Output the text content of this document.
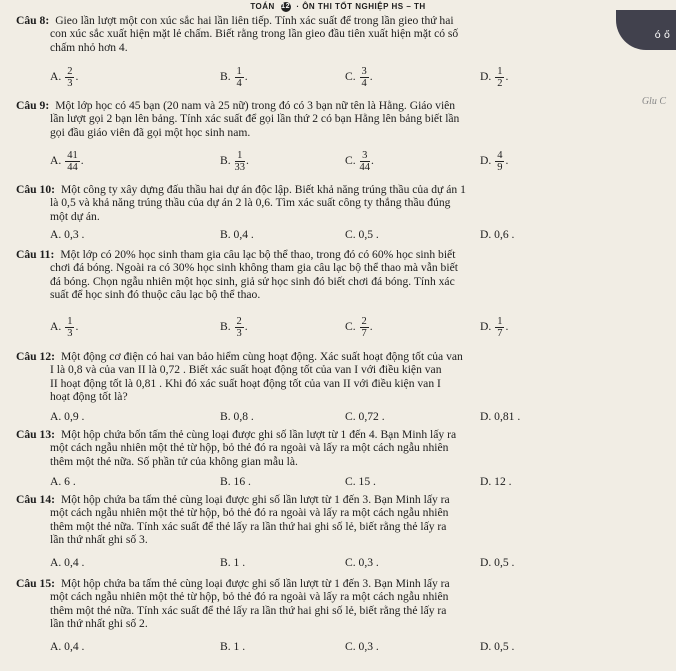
TOÁN 12 · ÔN THI TỐT NGHIỆP HS – TH
ó ő
Glu C
Câu 8: Gieo lần lượt một con xúc sắc hai lần liên tiếp. Tính xác suất để trong lần gieo thứ hai
con xúc sắc xuất hiện mặt lẻ chấm. Biết rằng trong lần gieo đầu tiên xuất hiện mặt có số
chấm nhỏ hơn 4.
A. $\frac{2}{3}$ .	B. $\frac{1}{4}$ .	C. $\frac{3}{4}$ .	D. $\frac{1}{2}$ .
Câu 9: Một lớp học có 45 bạn (20 nam và 25 nữ) trong đó có 3 bạn nữ tên là Hằng. Giáo viên
lần lượt gọi 2 bạn lên bảng. Tính xác suất để gọi lần thứ 2 có bạn Hằng lên bảng biết lần
gọi đầu giáo viên đã gọi một học sinh nam.
A. $\frac{41}{44}$ .	B. $\frac{1}{33}$ .	C. $\frac{3}{44}$ .	D. $\frac{4}{9}$ .
Câu 10: Một công ty xây dựng đấu thầu hai dự án độc lập. Biết khả năng trúng thầu của dự án 1
là 0,5 và khả năng trúng thầu của dự án 2 là 0,6. Tìm xác suất công ty thắng thầu đúng
một dự án.
A. 0,3 .	B. 0,4 .	C. 0,5 .	D. 0,6 .
Câu 11: Một lớp có 20% học sinh tham gia câu lạc bộ thể thao, trong đó có 60% học sinh biết
chơi đá bóng. Ngoài ra có 30% học sinh không tham gia câu lạc bộ thể thao mà vẫn biết
đá bóng. Chọn ngẫu nhiên một học sinh, giả sử học sinh đó biết chơi đá bóng. Tính xác
suất để học sinh đó thuộc câu lạc bộ thể thao.
A. $\frac{1}{3}$ .	B. $\frac{2}{3}$ .	C. $\frac{2}{7}$ .	D. $\frac{1}{7}$ .
Câu 12: Một động cơ điện có hai van bảo hiểm cùng hoạt động. Xác suất hoạt động tốt của van
I là 0,8 và của van II là 0,72 . Biết xác suất hoạt động tốt của van I với điều kiện van
II hoạt động tốt là 0,81 . Khi đó xác suất hoạt động tốt của van II với điều kiện van I
hoạt động tốt là?
A. 0,9 .	B. 0,8 .	C. 0,72 .	D. 0,81 .
Câu 13: Một hộp chứa bốn tấm thẻ cùng loại được ghi số lần lượt từ 1 đến 4. Bạn Minh lấy ra
một cách ngẫu nhiên một thẻ từ hộp, bỏ thẻ đó ra ngoài và lấy ra một cách ngẫu nhiên
thêm một thẻ nữa. Số phần tử của không gian mẫu là.
A. 6 .	B. 16 .	C. 15 .	D. 12 .
Câu 14: Một hộp chứa ba tấm thẻ cùng loại được ghi số lần lượt từ 1 đến 3. Bạn Minh lấy ra
một cách ngẫu nhiên một thẻ từ hộp, bỏ thẻ đó ra ngoài và lấy ra một cách ngẫu nhiên
thêm một thẻ nữa. Tính xác suất để thẻ lấy ra lần thứ hai ghi số lẻ, biết rằng thẻ lấy ra
lần thứ nhất ghi số 3.
A. 0,4 .	B. 1 .	C. 0,3 .	D. 0,5 .
Câu 15: Một hộp chứa ba tấm thẻ cùng loại được ghi số lần lượt từ 1 đến 3. Bạn Minh lấy ra
một cách ngẫu nhiên một thẻ từ hộp, bỏ thẻ đó ra ngoài và lấy ra một cách ngẫu nhiên
thêm một thẻ nữa. Tính xác suất để thẻ lấy ra lần thứ hai ghi số lẻ, biết rằng thẻ lấy ra
lần thứ nhất ghi số 2.
A. 0,4 .	B. 1 .	C. 0,3 .	D. 0,5 .
